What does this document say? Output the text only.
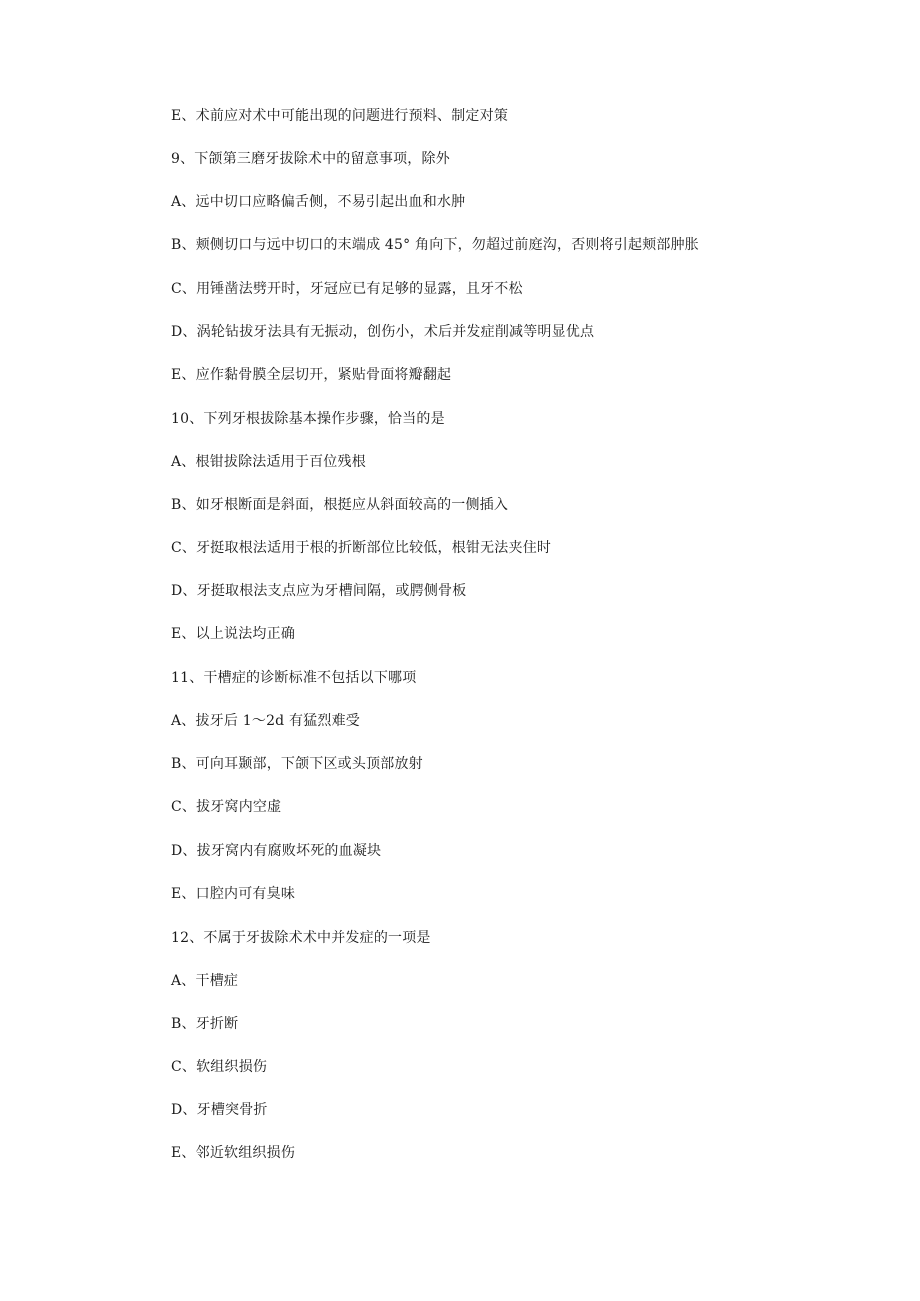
E、术前应对术中可能出现的问题进行预料、制定对策
9、下颌第三磨牙拔除术中的留意事项，除外
A、远中切口应略偏舌侧，不易引起出血和水肿
B、颊侧切口与远中切口的末端成 45° 角向下，勿超过前庭沟，否则将引起颊部肿胀
C、用锤凿法劈开时，牙冠应已有足够的显露，且牙不松
D、涡轮钻拔牙法具有无振动，创伤小，术后并发症削减等明显优点
E、应作黏骨膜全层切开，紧贴骨面将瓣翻起
10、下列牙根拔除基本操作步骤，恰当的是
A、根钳拔除法适用于百位残根
B、如牙根断面是斜面，根挺应从斜面较高的一侧插入
C、牙挺取根法适用于根的折断部位比较低，根钳无法夹住时
D、牙挺取根法支点应为牙槽间隔，或腭侧骨板
E、以上说法均正确
11、干槽症的诊断标准不包括以下哪项
A、拔牙后 1～2d 有猛烈难受
B、可向耳颞部，下颌下区或头顶部放射
C、拔牙窝内空虚
D、拔牙窝内有腐败坏死的血凝块
E、口腔内可有臭味
12、不属于牙拔除术术中并发症的一项是
A、干槽症
B、牙折断
C、软组织损伤
D、牙槽突骨折
E、邻近软组织损伤
